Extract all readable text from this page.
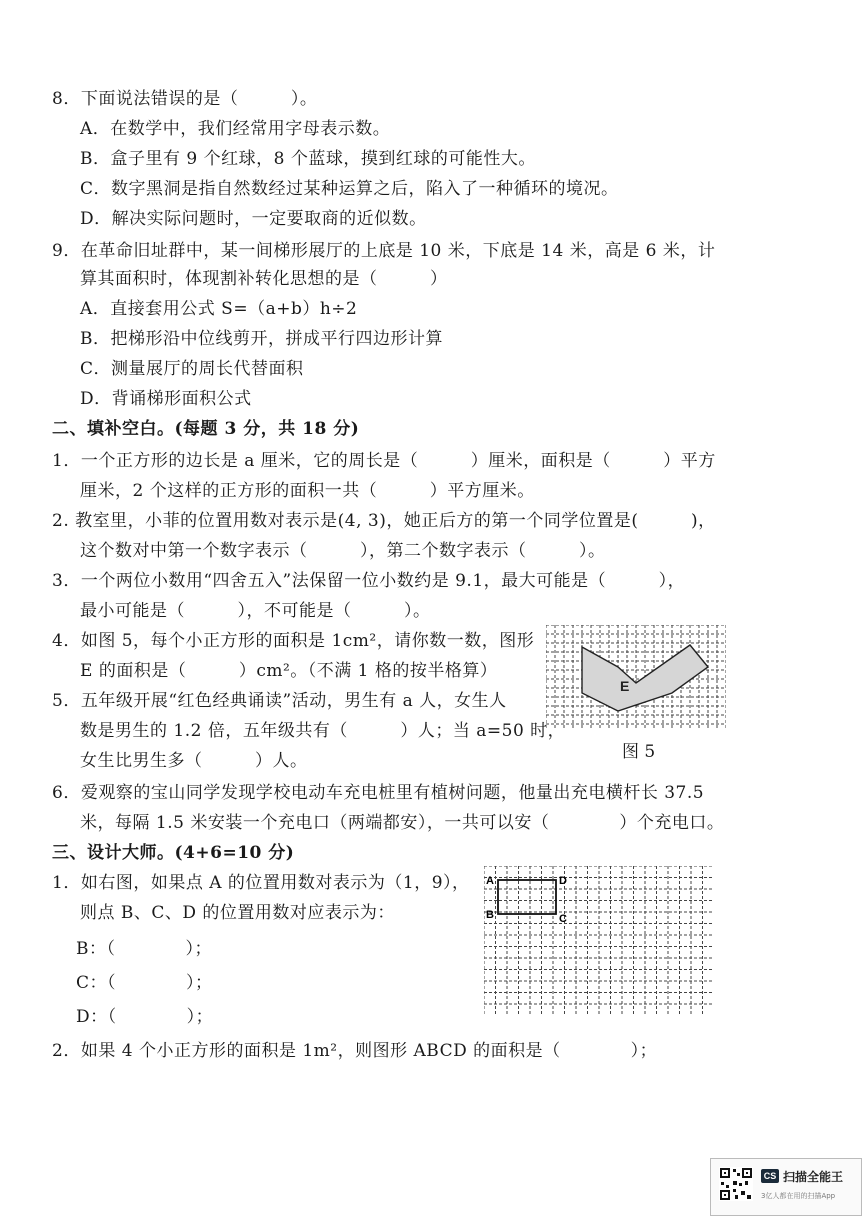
8．下面说法错误的是（　　　）。
A．在数学中，我们经常用字母表示数。
B．盒子里有 9 个红球，8 个蓝球，摸到红球的可能性大。
C．数字黑洞是指自然数经过某种运算之后，陷入了一种循环的境况。
D．解决实际问题时，一定要取商的近似数。
9．在革命旧址群中，某一间梯形展厅的上底是 10 米，下底是 14 米，高是 6 米，计
算其面积时，体现割补转化思想的是（　　　）
A．直接套用公式 S=（a+b）h÷2
B．把梯形沿中位线剪开，拼成平行四边形计算
C．测量展厅的周长代替面积
D．背诵梯形面积公式
二、填补空白。(每题 3 分，共 18 分)
1．一个正方形的边长是 a 厘米，它的周长是（　　　）厘米，面积是（　　　）平方
厘米，2 个这样的正方形的面积一共（　　　）平方厘米。
2. 教室里，小菲的位置用数对表示是(4, 3)，她正后方的第一个同学位置是(　　　)，
这个数对中第一个数字表示（　　　），第二个数字表示（　　　）。
3．一个两位小数用“四舍五入”法保留一位小数约是 9.1，最大可能是（　　　），
最小可能是（　　　），不可能是（　　　）。
4．如图 5，每个小正方形的面积是 1cm²，请你数一数，图形
E 的面积是（　　　）cm²。（不满 1 格的按半格算）
5．五年级开展“红色经典诵读”活动，男生有 a 人，女生人
数是男生的 1.2 倍，五年级共有（　　　）人；当 a=50 时，
女生比男生多（　　　）人。
6．爱观察的宝山同学发现学校电动车充电桩里有植树问题，他量出充电横杆长 37.5
米，每隔 1.5 米安装一个充电口（两端都安），一共可以安（　　　　）个充电口。
E
图 5
三、设计大师。(4+6=10 分)
1．如右图，如果点 A 的位置用数对表示为（1，9），
则点 B、C、D 的位置用数对应表示为：
B：（　　　　）；
C：（　　　　）；
D：（　　　　）；
2．如果 4 个小正方形的面积是 1m²，则图形 ABCD 的面积是（　　　　）；
A
B	C
D
CS 扫描全能王
3亿人都在用的扫描App
